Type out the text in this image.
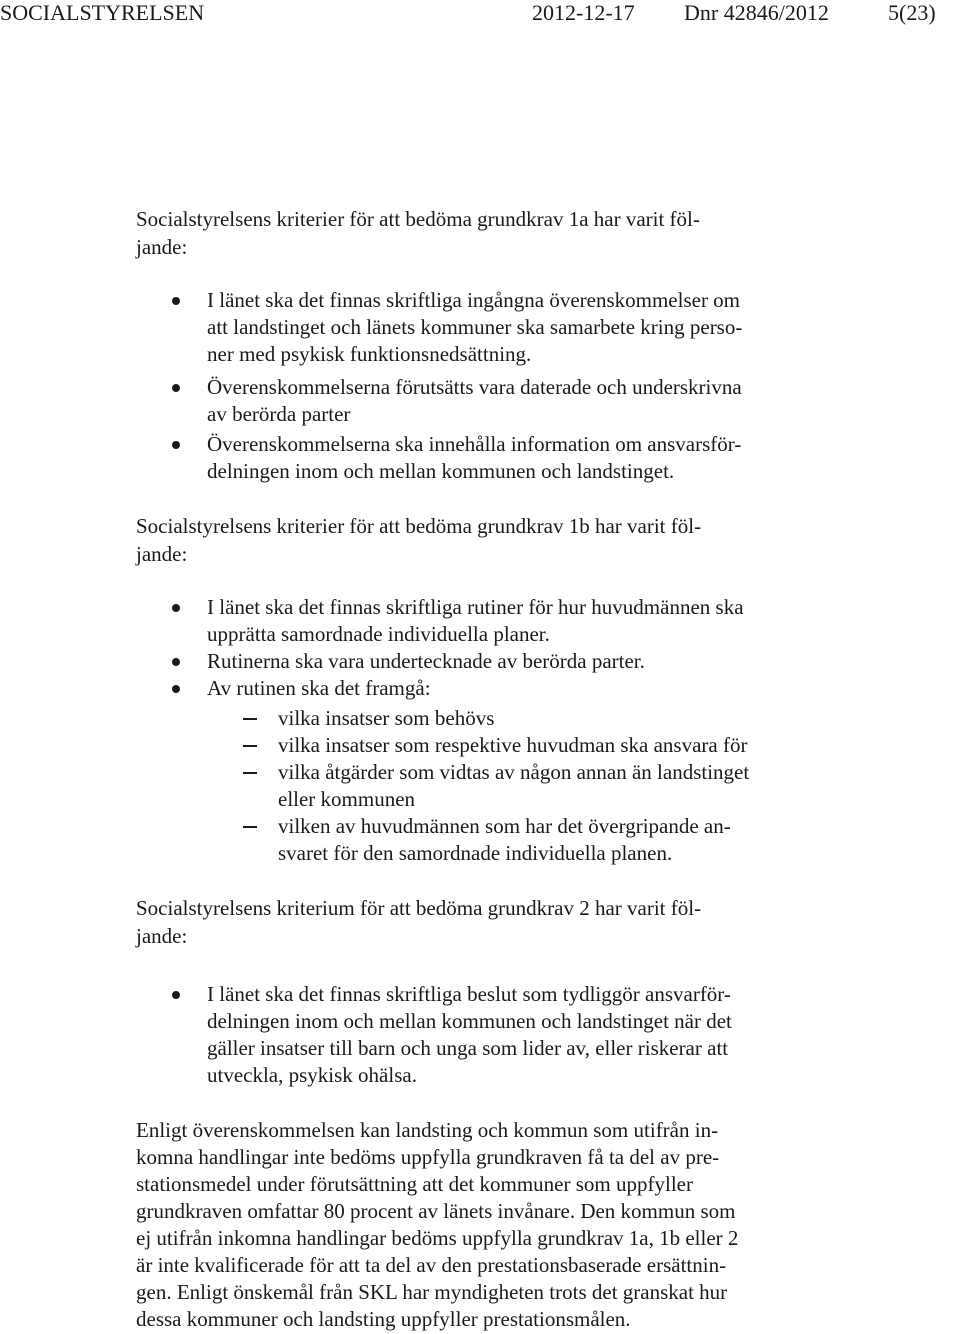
SOCIALSTYRELSEN	2012-12-17 Dnr 42846/2012	5(23)
Socialstyrelsens kriterier för att bedöma grundkrav 1a har varit föl-
jande:
I länet ska det finnas skriftliga ingångna överenskommelser om
att landstinget och länets kommuner ska samarbete kring perso-
ner med psykisk funktionsnedsättning.
Överenskommelserna förutsätts vara daterade och underskrivna
av berörda parter
Överenskommelserna ska innehålla information om ansvarsför-
delningen inom och mellan kommunen och landstinget.
Socialstyrelsens kriterier för att bedöma grundkrav 1b har varit föl-
jande:
I länet ska det finnas skriftliga rutiner för hur huvudmännen ska
upprätta samordnade individuella planer.
Rutinerna ska vara undertecknade av berörda parter.
Av rutinen ska det framgå:
vilka insatser som behövs
vilka insatser som respektive huvudman ska ansvara för
vilka åtgärder som vidtas av någon annan än landstinget
eller kommunen
vilken av huvudmännen som har det övergripande an-
svaret för den samordnade individuella planen.
Socialstyrelsens kriterium för att bedöma grundkrav 2 har varit föl-
jande:
I länet ska det finnas skriftliga beslut som tydliggör ansvarför-
delningen inom och mellan kommunen och landstinget när det
gäller insatser till barn och unga som lider av, eller riskerar att
utveckla, psykisk ohälsa.
Enligt överenskommelsen kan landsting och kommun som utifrån in-
komna handlingar inte bedöms uppfylla grundkraven få ta del av pre-
stationsmedel under förutsättning att det kommuner som uppfyller
grundkraven omfattar 80 procent av länets invånare. Den kommun som
ej utifrån inkomna handlingar bedöms uppfylla grundkrav 1a, 1b eller 2
är inte kvalificerade för att ta del av den prestationsbaserade ersättnin-
gen. Enligt önskemål från SKL har myndigheten trots det granskat hur
dessa kommuner och landsting uppfyller prestationsmålen.
